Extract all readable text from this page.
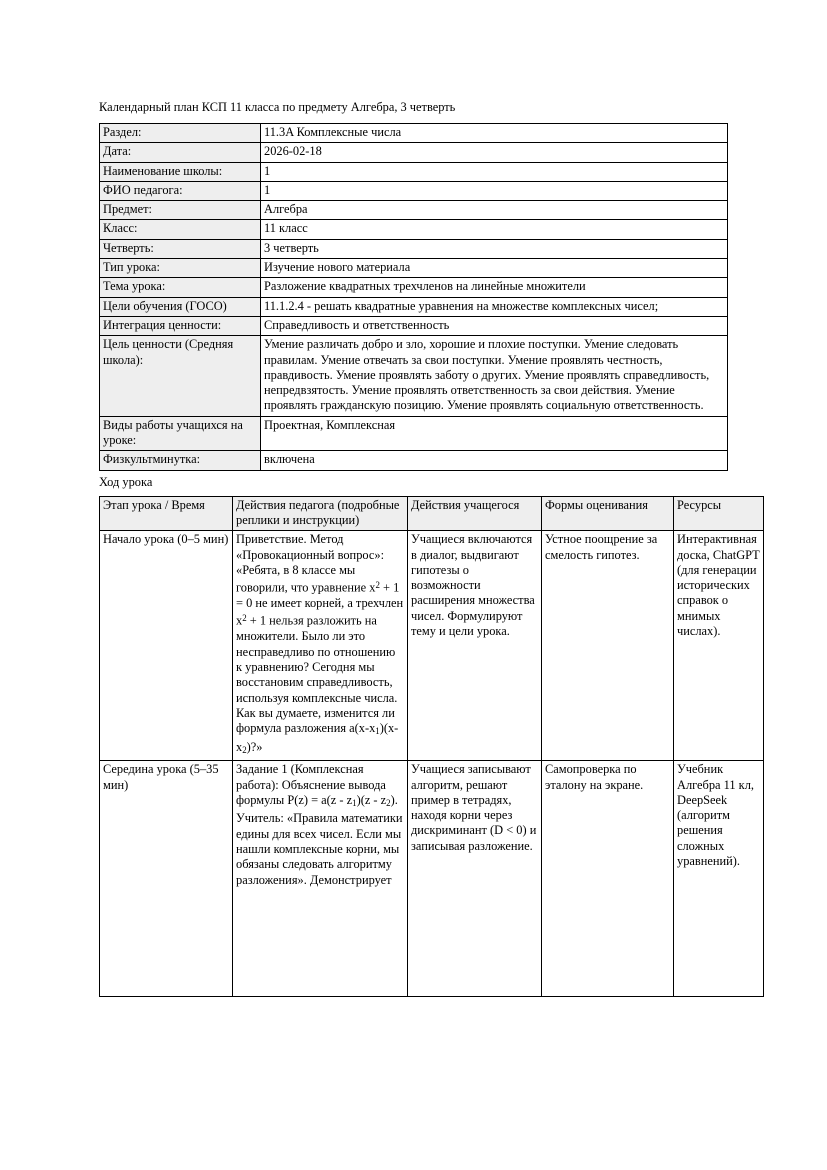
Календарный план КСП 11 класса по предмету Алгебра, 3 четверть

Раздел:	11.3A Комплексные числа
Дата:	2026-02-18
Наименование школы:	1
ФИО педагога:	1
Предмет:	Алгебра
Класс:	11 класс
Четверть:	3 четверть
Тип урока:	Изучение нового материала
Тема урока:	Разложение квадратных трехчленов на линейные множители
Цели обучения (ГОСО)	11.1.2.4 - решать квадратные уравнения на множестве комплексных чисел;
Интеграция ценности:	Справедливость и ответственность
Цель ценности (Средняя школа):	Умение различать добро и зло, хорошие и плохие поступки. Умение следовать правилам. Умение отвечать за свои поступки. Умение проявлять честность, правдивость. Умение проявлять заботу о других. Умение проявлять справедливость, непредвзятость. Умение проявлять ответственность за свои действия. Умение проявлять гражданскую позицию. Умение проявлять социальную ответственность.
Виды работы учащихся на уроке:	Проектная, Комплексная
Физкультминутка:	включена

Ход урока

Этап урока / Время	Действия педагога (подробные реплики и инструкции)	Действия учащегося	Формы оценивания	Ресурсы
Начало урока (0–5 мин)	Приветствие. Метод «Провокационный вопрос»: «Ребята, в 8 классе мы говорили, что уравнение $x^2 + 1 = 0$ не имеет корней, а трехчлен $x^2 + 1$ нельзя разложить на множители. Было ли это несправедливо по отношению к уравнению? Сегодня мы восстановим справедливость, используя комплексные числа. Как вы думаете, изменится ли формула разложения $a(x-x_1)(x-x_2)$?»	Учащиеся включаются в диалог, выдвигают гипотезы о возможности расширения множества чисел. Формулируют тему и цели урока.	Устное поощрение за смелость гипотез.	Интерактивная доска, ChatGPT (для генерации исторических справок о мнимых числах).

Середина урока (5–35 мин)	Задание 1 (Комплексная работа): Объяснение вывода формулы $P(z) = a(z - z_1)(z - z_2)$. Учитель: «Правила математики едины для всех чисел. Если мы нашли комплексные корни, мы обязаны следовать алгоритму разложения». Демонстрирует	Учащиеся записывают алгоритм, решают пример в тетрадях, находя корни через дискриминант (D < 0) и записывая разложение.	Самопроверка по эталону на экране.	Учебник Алгебра 11 кл, DeepSeek (алгоритм решения сложных уравнений).
